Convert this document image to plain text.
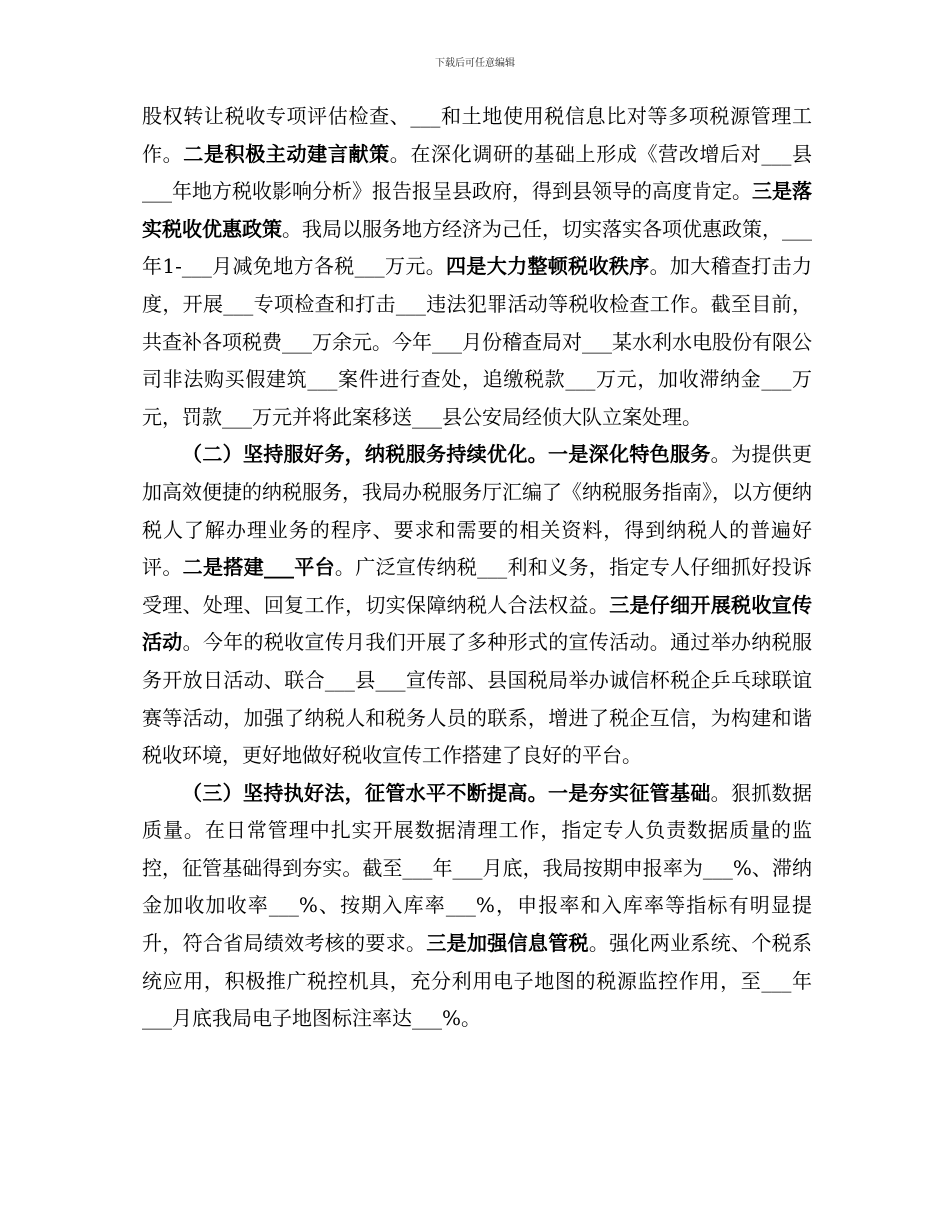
下载后可任意编辑

股权转让税收专项评估检查、___和土地使用税信息比对等多项税源管理工作。二是积极主动建言献策。在深化调研的基础上形成《营改增后对___县___年地方税收影响分析》报告报呈县政府，得到县领导的高度肯定。三是落实税收优惠政策。我局以服务地方经济为己任，切实落实各项优惠政策，___年1-___月减免地方各税___万元。四是大力整顿税收秩序。加大稽查打击力度，开展___专项检查和打击___违法犯罪活动等税收检查工作。截至目前，共查补各项税费___万余元。今年___月份稽查局对___某水利水电股份有限公司非法购买假建筑___案件进行查处，追缴税款___万元，加收滞纳金___万元，罚款___万元并将此案移送___县公安局经侦大队立案处理。

（二）坚持服好务，纳税服务持续优化。一是深化特色服务。为提供更加高效便捷的纳税服务，我局办税服务厅汇编了《纳税服务指南》，以方便纳税人了解办理业务的程序、要求和需要的相关资料，得到纳税人的普遍好评。二是搭建___平台。广泛宣传纳税___利和义务，指定专人仔细抓好投诉受理、处理、回复工作，切实保障纳税人合法权益。三是仔细开展税收宣传活动。今年的税收宣传月我们开展了多种形式的宣传活动。通过举办纳税服务开放日活动、联合___县___宣传部、县国税局举办诚信杯税企乒乓球联谊赛等活动，加强了纳税人和税务人员的联系，增进了税企互信，为构建和谐税收环境，更好地做好税收宣传工作搭建了良好的平台。

（三）坚持执好法，征管水平不断提高。一是夯实征管基础。狠抓数据质量。在日常管理中扎实开展数据清理工作，指定专人负责数据质量的监控，征管基础得到夯实。截至___年___月底，我局按期申报率为___%、滞纳金加收加收率___%、按期入库率___%，申报率和入库率等指标有明显提升，符合省局绩效考核的要求。三是加强信息管税。强化两业系统、个税系统应用，积极推广税控机具，充分利用电子地图的税源监控作用，至___年___月底我局电子地图标注率达___%。
